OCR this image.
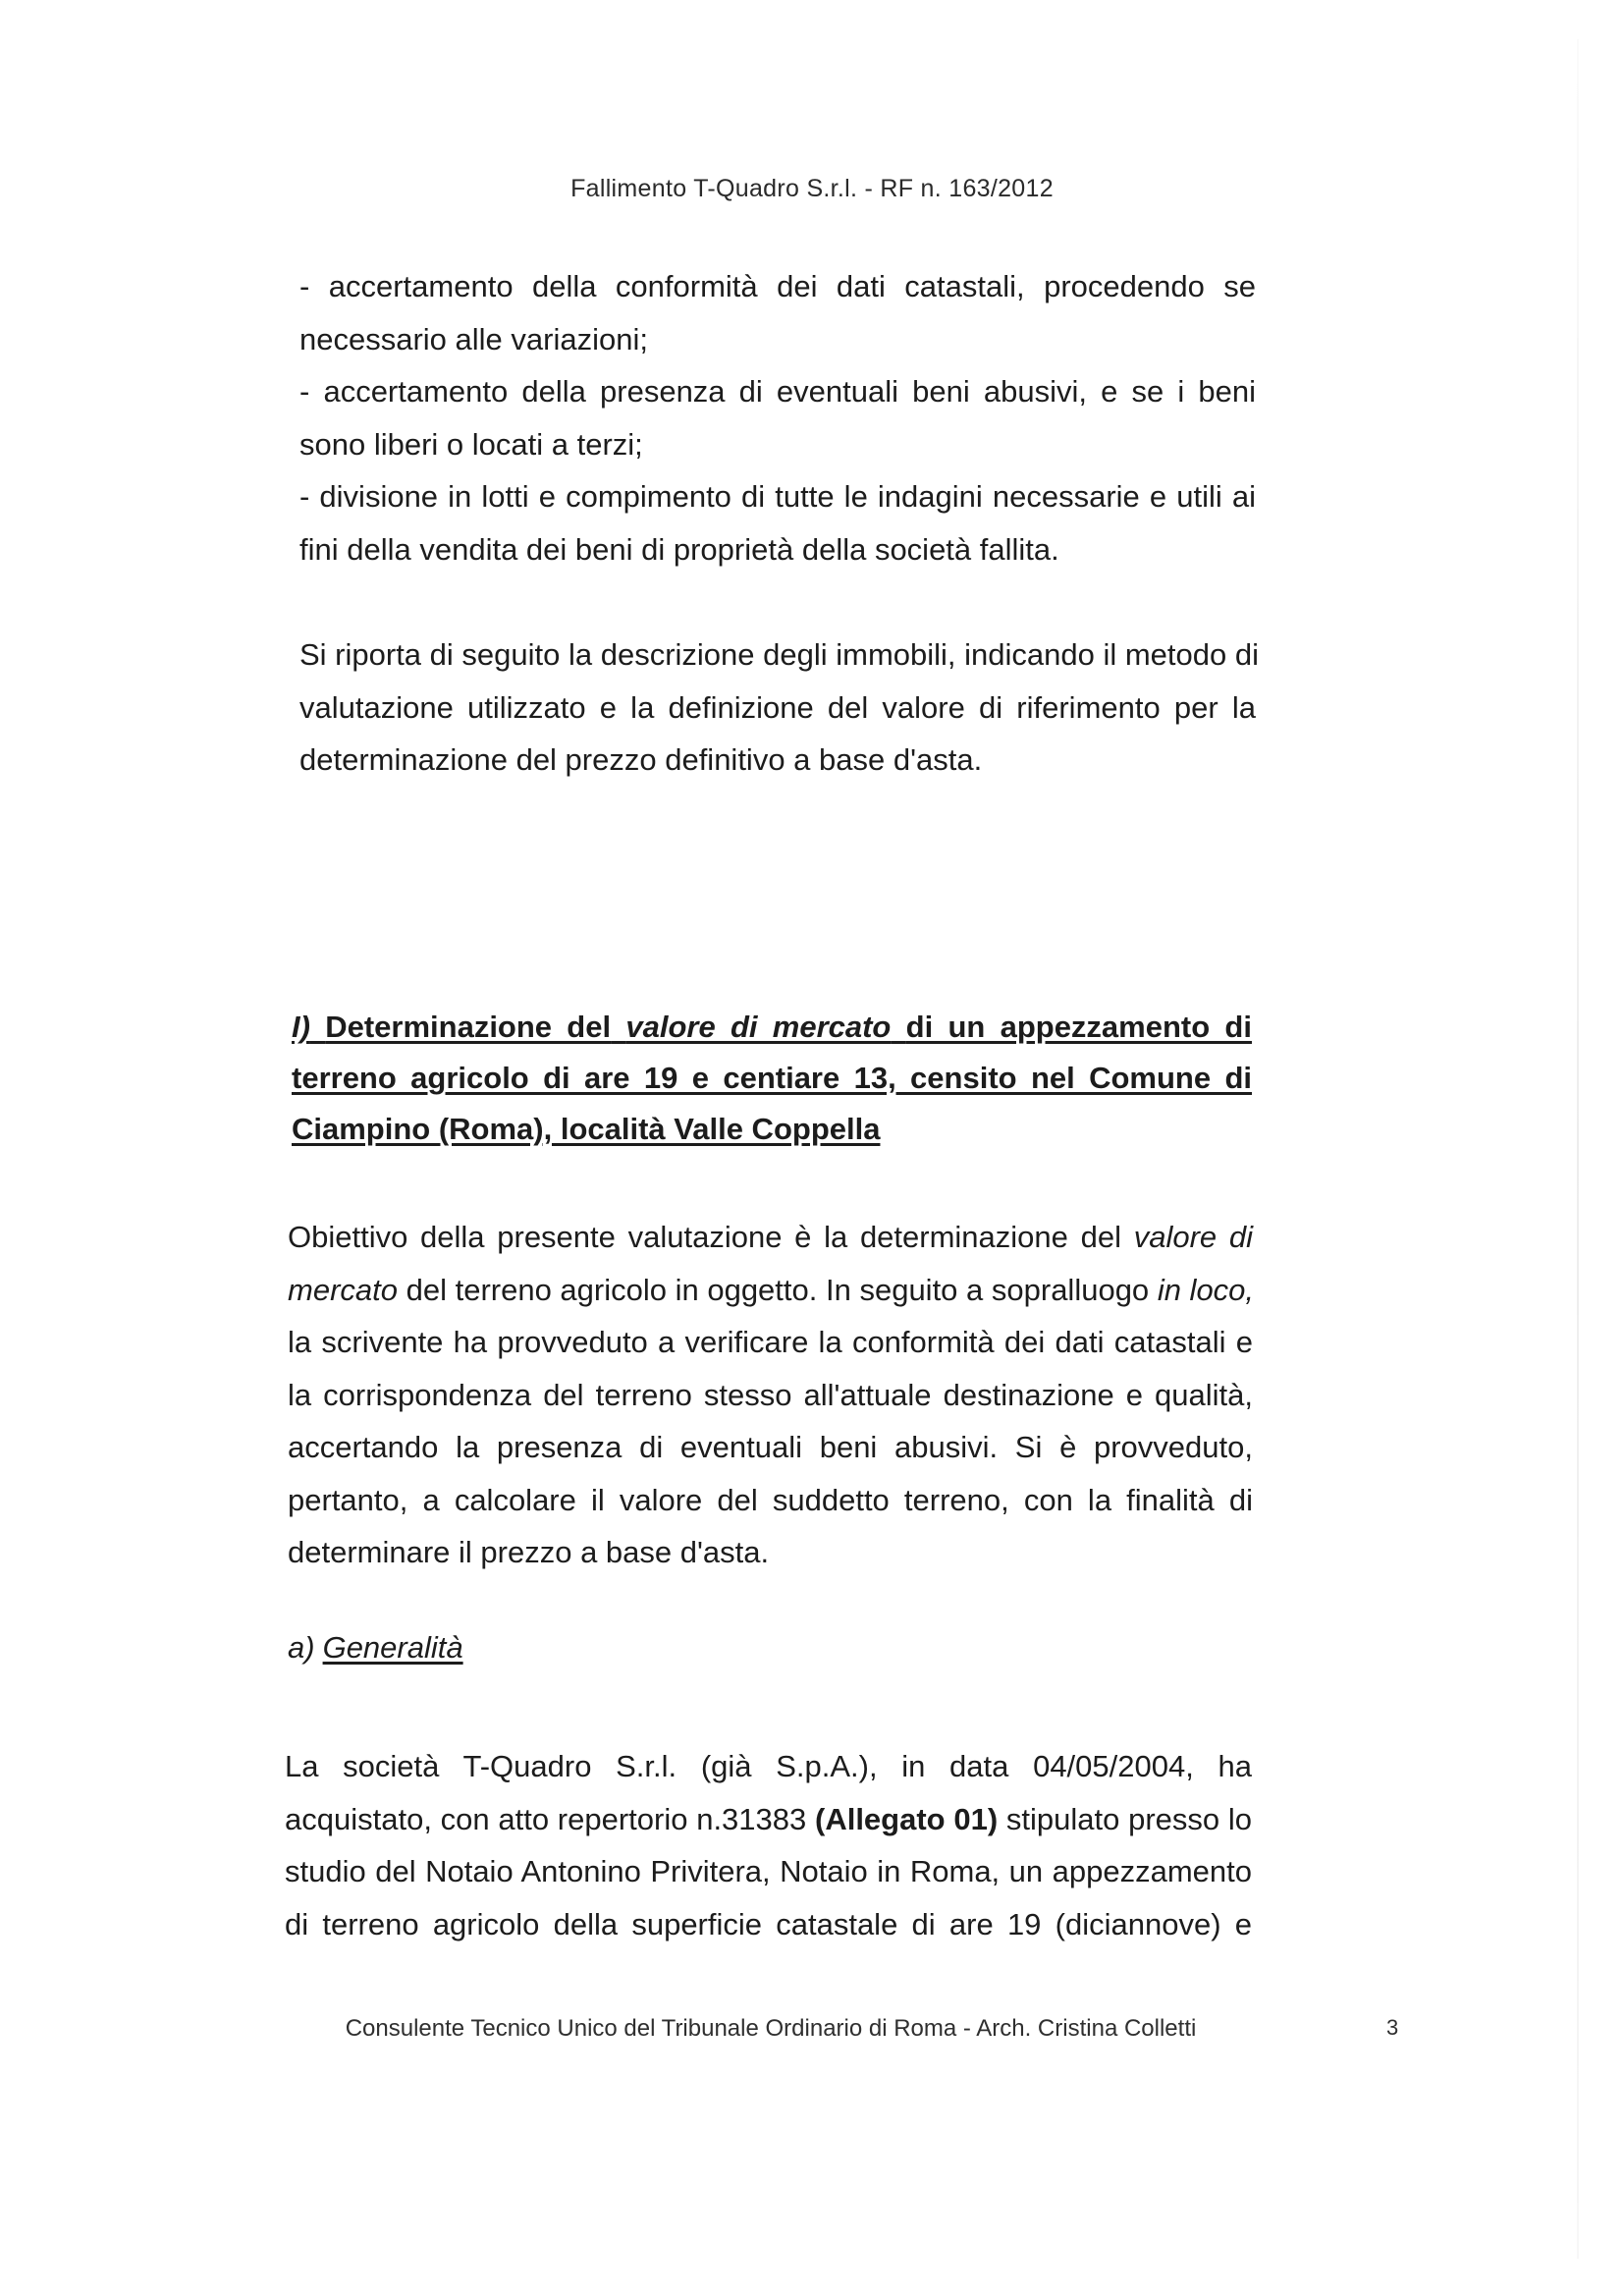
Fallimento T-Quadro S.r.l. - RF n. 163/2012
- accertamento della conformità dei dati catastali, procedendo se
necessario alle variazioni;
- accertamento della presenza di eventuali beni abusivi, e se i beni
sono liberi o locati a terzi;
- divisione in lotti e compimento di tutte le indagini necessarie e utili ai
fini della vendita dei beni di proprietà della società fallita.
Si riporta di seguito la descrizione degli immobili, indicando il metodo di
valutazione utilizzato e la definizione del valore di riferimento per la
determinazione del prezzo definitivo a base d'asta.
I) Determinazione del valore di mercato di un appezzamento di
terreno agricolo di are 19 e centiare 13, censito nel Comune di
Ciampino (Roma), località Valle Coppella
Obiettivo della presente valutazione è la determinazione del valore di
mercato del terreno agricolo in oggetto. In seguito a sopralluogo in loco,
la scrivente ha provveduto a verificare la conformità dei dati catastali e
la corrispondenza del terreno stesso all'attuale destinazione e qualità,
accertando la presenza di eventuali beni abusivi. Si è provveduto,
pertanto, a calcolare il valore del suddetto terreno, con la finalità di
determinare il prezzo a base d'asta.
a) Generalità
La società T-Quadro S.r.l. (già S.p.A.), in data 04/05/2004, ha
acquistato, con atto repertorio n.31383 (Allegato 01) stipulato presso lo
studio del Notaio Antonino Privitera, Notaio in Roma, un appezzamento
di terreno agricolo della superficie catastale di are 19 (diciannove) e
Consulente Tecnico Unico del Tribunale Ordinario di Roma - Arch. Cristina Colletti	3
